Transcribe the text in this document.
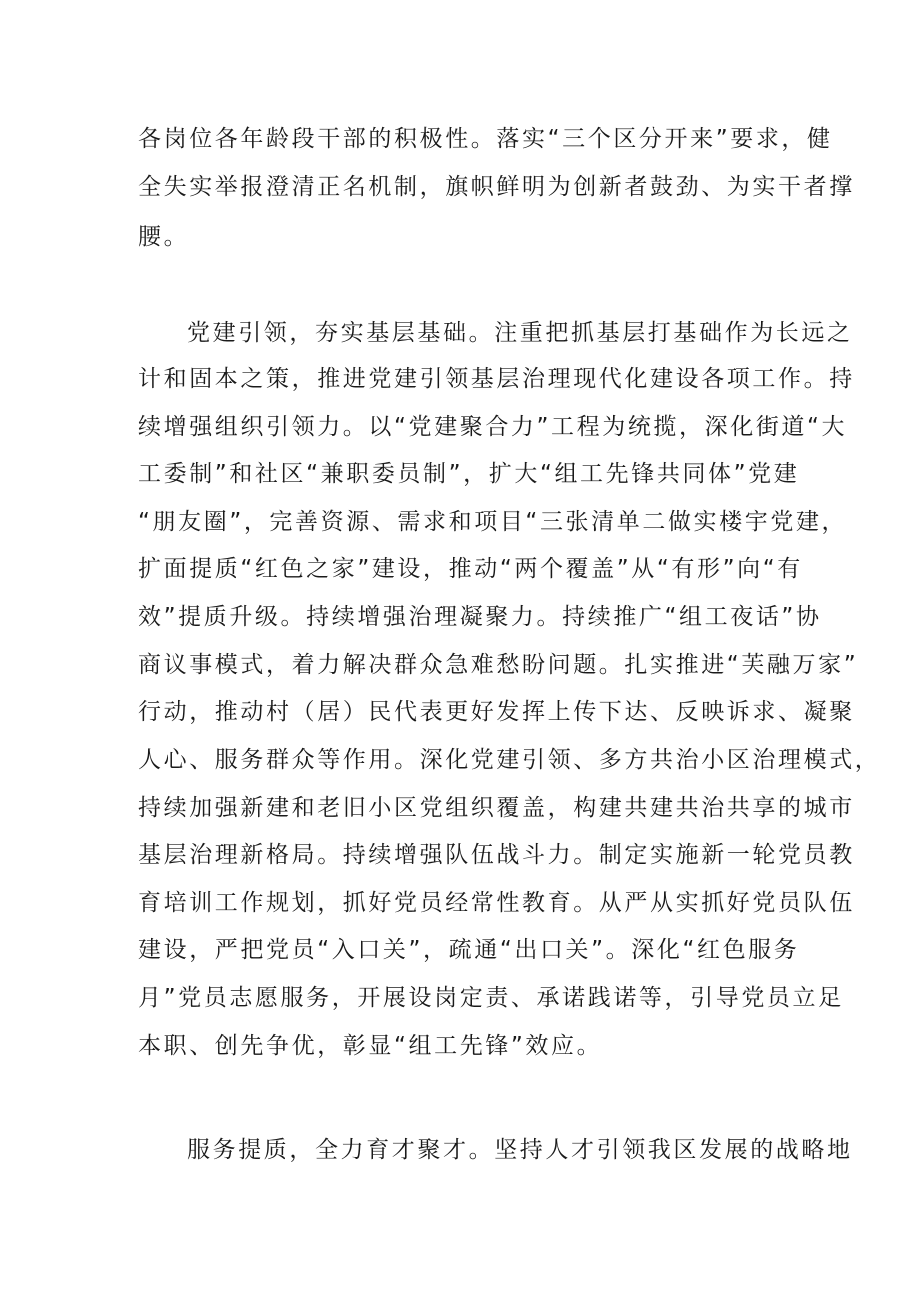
各岗位各年龄段干部的积极性。落实“三个区分开来”要求，健
全失实举报澄清正名机制，旗帜鲜明为创新者鼓劲、为实干者撑
腰。
党建引领，夯实基层基础。注重把抓基层打基础作为长远之
计和固本之策，推进党建引领基层治理现代化建设各项工作。持
续增强组织引领力。以“党建聚合力”工程为统揽，深化街道“大
工委制”和社区“兼职委员制”，扩大“组工先锋共同体”党建
“朋友圈”，完善资源、需求和项目“三张清单二做实楼宇党建，
扩面提质“红色之家”建设，推动“两个覆盖”从“有形”向“有
效”提质升级。持续增强治理凝聚力。持续推广“组工夜话”协
商议事模式，着力解决群众急难愁盼问题。扎实推进“芙融万家”
行动，推动村（居）民代表更好发挥上传下达、反映诉求、凝聚
人心、服务群众等作用。深化党建引领、多方共治小区治理模式，
持续加强新建和老旧小区党组织覆盖，构建共建共治共享的城市
基层治理新格局。持续增强队伍战斗力。制定实施新一轮党员教
育培训工作规划，抓好党员经常性教育。从严从实抓好党员队伍
建设，严把党员“入口关”，疏通“出口关”。深化“红色服务
月”党员志愿服务，开展设岗定责、承诺践诺等，引导党员立足
本职、创先争优，彰显“组工先锋”效应。
服务提质，全力育才聚才。坚持人才引领我区发展的战略地
